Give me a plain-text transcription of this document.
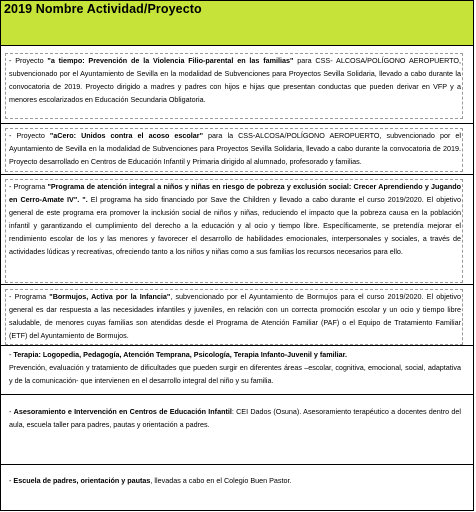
2019 Nombre Actividad/Proyecto

- Proyecto "a tiempo: Prevención de la Violencia Filio-parental en las familias" para CSS- ALCOSA/POLÍGONO AEROPUERTO, subvencionado por el Ayuntamiento de Sevilla en la modalidad de Subvenciones para Proyectos Sevilla Solidaria, llevado a cabo durante la convocatoria de 2019. Proyecto dirigido a madres y padres con hijos e hijas que presentan conductas que pueden derivar en VFP y a menores escolarizados en Educación Secundaria Obligatoria.

- Proyecto "aCero: Unidos contra el acoso escolar" para la CSS-ALCOSA/POLÍGONO AEROPUERTO, subvencionado por el Ayuntamiento de Sevilla en la modalidad de Subvenciones para Proyectos Sevilla Solidaria, llevado a cabo durante la convocatoria de 2019. Proyecto desarrollado en Centros de Educación Infantil y Primaria dirigido al alumnado, profesorado y familias.

- Programa "Programa de atención integral a niños y niñas en riesgo de pobreza y exclusión social: Crecer Aprendiendo y Jugando en Cerro-Amate IV". ". El programa ha sido financiado por Save the Children y llevado a cabo durante el curso 2019/2020. El objetivo general de este programa era promover la inclusión social de niños y niñas, reduciendo el impacto que la pobreza causa en la población infantil y garantizando el cumplimiento del derecho a la educación y al ocio y tiempo libre. Específicamente, se pretendía mejorar el rendimiento escolar de los y las menores y favorecer el desarrollo de habilidades emocionales, interpersonales y sociales, a través de actividades lúdicas y recreativas, ofreciendo tanto a los niños y niñas como a sus familias los recursos necesarios para ello.

- Programa "Bormujos, Activa por la Infancia", subvencionado por el Ayuntamiento de Bormujos para el curso 2019/2020. El objetivo general es dar respuesta a las necesidades infantiles y juveniles, en relación con un correcta promoción escolar y un ocio y tiempo libre saludable, de menores cuyas familias son atendidas desde el Programa de Atención Familiar (PAF) o el Equipo de Tratamiento Familiar (ETF) del Ayuntamiento de Bormujos.

- Terapia: Logopedia, Pedagogía, Atención Temprana, Psicología, Terapia Infanto-Juvenil y familiar.
Prevención, evaluación y tratamiento de dificultades que pueden surgir en diferentes áreas –escolar, cognitiva, emocional, social, adaptativa y de la comunicación- que intervienen en el desarrollo integral del niño y su familia.

- Asesoramiento e Intervención en Centros de Educación Infantil: CEI Dados (Osuna). Asesoramiento terapéutico a docentes dentro del aula, escuela taller para padres, pautas y orientación a padres.

- Escuela de padres, orientación y pautas, llevadas a cabo en el Colegio Buen Pastor.
